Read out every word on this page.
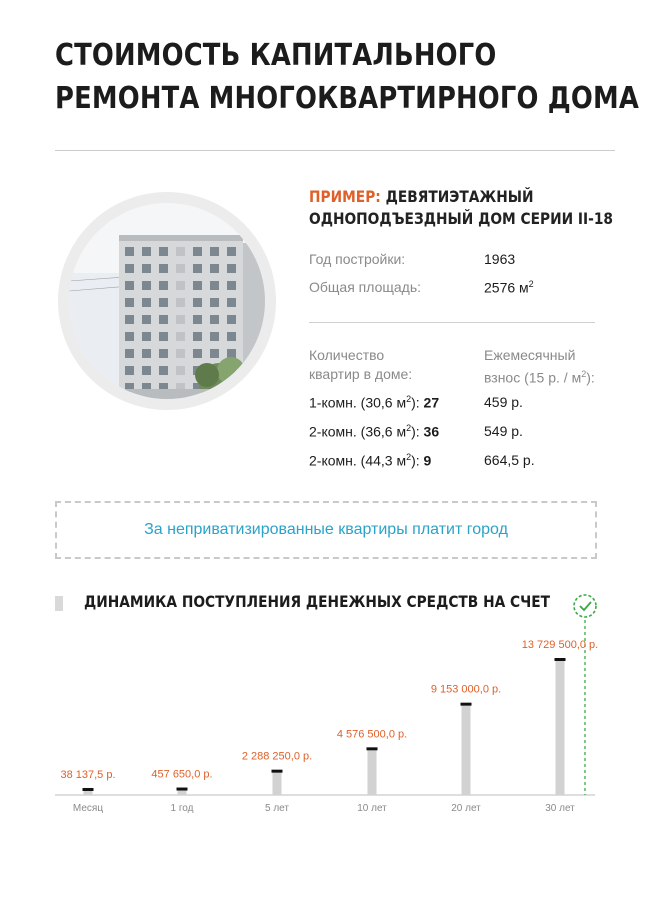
СТОИМОСТЬ КАПИТАЛЬНОГО
РЕМОНТА МНОГОКВАРТИРНОГО ДОМА
ПРИМЕР: ДЕВЯТИЭТАЖНЫЙ
ОДНОПОДЪЕЗДНЫЙ ДОМ СЕРИИ II-18
Год постройки:	1963
Общая площадь:	2576 $м^2$
Количество
квартир в доме:
Ежемесячный
взнос (15 р. / $м^2$):
1-комн. (30,6 $м^2$): 27	459 р.
2-комн. (36,6 $м^2$): 36	549 р.
2-комн. (44,3 $м^2$): 9	664,5 р.
За неприватизированные квартиры платит город
ДИНАМИКА ПОСТУПЛЕНИЯ ДЕНЕЖНЫХ СРЕДСТВ НА СЧЕТ
38 137,5 р.
Месяц
457 650,0 р.
1 год
2 288 250,0 р.
5 лет
4 576 500,0 р.
10 лет
9 153 000,0 р.
20 лет
13 729 500,0 р.
30 лет
